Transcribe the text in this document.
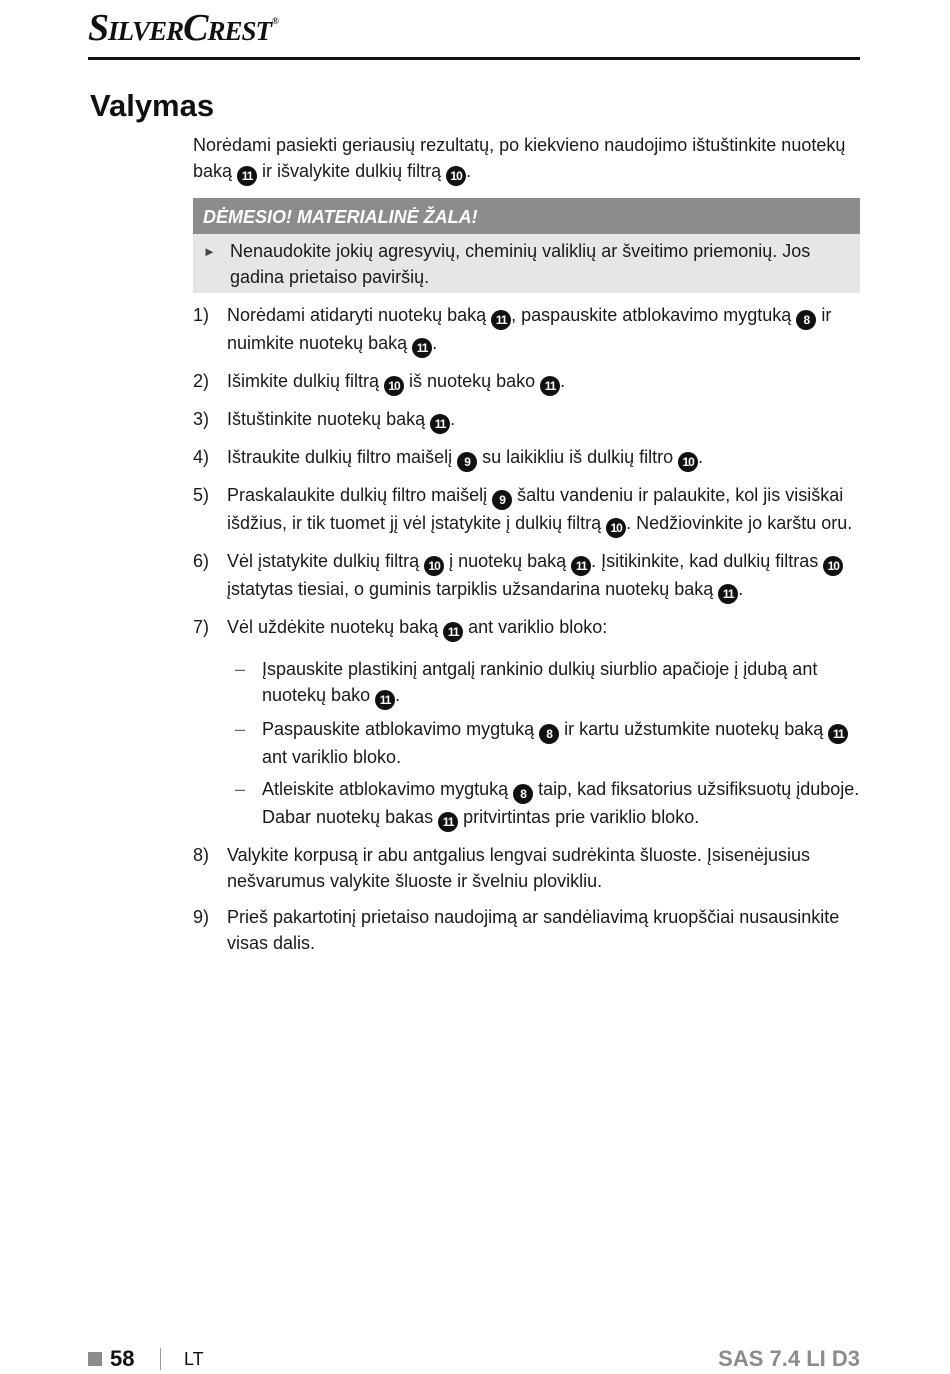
SilverCrest®
Valymas

Norėdami pasiekti geriausių rezultatų, po kiekvieno naudojimo ištuštinkite nuotekų baką 11 ir išvalykite dulkių filtrą 10 .

DĖMESIO! MATERIALINĖ ŽALA!
► Nenaudokite jokių agresyvių, cheminių valiklių ar šveitimo priemonių. Jos gadina prietaiso paviršių.
1) Norėdami atidaryti nuotekų baką 11 , paspauskite atblokavimo mygtuką 8 ir nuimkite nuotekų baką 11 .
2) Išimkite dulkių filtrą 10 iš nuotekų bako 11 .
3) Ištuštinkite nuotekų baką 11 .
4) Ištraukite dulkių filtro maišelį 9 su laikikliu iš dulkių filtro 10 .
5) Praskalaukite dulkių filtro maišelį 9 šaltu vandeniu ir palaukite, kol jis visiškai išdžius, ir tik tuomet jį vėl įstatykite į dulkių filtrą 10 . Nedžiovinkite jo karštu oru.
6) Vėl įstatykite dulkių filtrą 10 į nuotekų baką 11 . Įsitikinkite, kad dulkių filtras 10 įstatytas tiesiai, o guminis tarpiklis užsandarina nuotekų baką 11 .
7) Vėl uždėkite nuotekų baką 11 ant variklio bloko:
– Įspauskite plastikinį antgalį rankinio dulkių siurblio apačioje į įdubą ant nuotekų bako 11 .
– Paspauskite atblokavimo mygtuką 8 ir kartu užstumkite nuotekų baką 11 ant variklio bloko.
– Atleiskite atblokavimo mygtuką 8 taip, kad fiksatorius užsifiksuotų įduboje. Dabar nuotekų bakas 11 pritvirtintas prie variklio bloko.
8) Valykite korpusą ir abu antgalius lengvai sudrėkinta šluoste. Įsisenėjusius nešvarumus valykite šluoste ir švelniu plovikliu.
9) Prieš pakartotinį prietaiso naudojimą ar sandėliavimą kruopščiai nusausinkite visas dalis.
58	LT	SAS 7.4 LI D3
